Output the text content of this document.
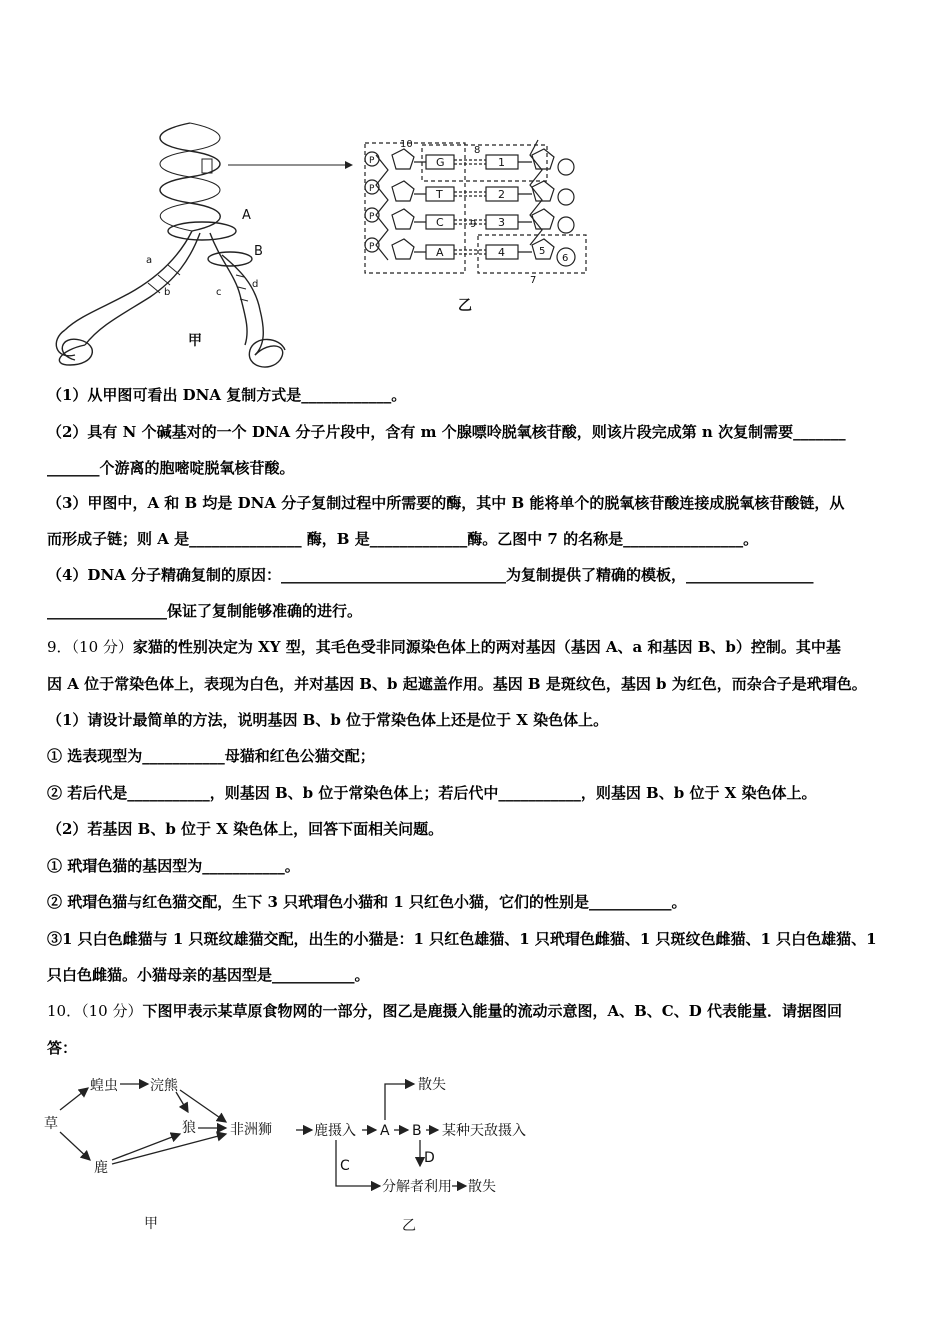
甲
乙
A
B
a
b	c
d
10
8
9
7
G
T
C
A
1
2
3
4	5
6
P
P
P
P
（1）从甲图可看出 DNA 复制方式是____________。
（2）具有 N 个碱基对的一个 DNA 分子片段中，含有 m 个腺嘌呤脱氧核苷酸，则该片段完成第 n 次复制需要_______
_______个游离的胞嘧啶脱氧核苷酸。
（3）甲图中，A 和 B 均是 DNA 分子复制过程中所需要的酶，其中 B 能将单个的脱氧核苷酸连接成脱氧核苷酸链，从
而形成子链；则 A 是_______________ 酶，B 是_____________酶。乙图中 7 的名称是________________。
（4）DNA 分子精确复制的原因：______________________________为复制提供了精确的模板，_________________
________________保证了复制能够准确的进行。
9．（10 分）家猫的性别决定为 XY 型，其毛色受非同源染色体上的两对基因（基因 A、a 和基因 B、b）控制。其中基
因 A 位于常染色体上，表现为白色，并对基因 B、b 起遮盖作用。基因 B 是斑纹色，基因 b 为红色，而杂合子是玳瑁色。
（1）请设计最简单的方法，说明基因 B、b 位于常染色体上还是位于 X 染色体上。
① 选表现型为___________母猫和红色公猫交配；
② 若后代是___________，则基因 B、b 位于常染色体上；若后代中___________，则基因 B、b 位于 X 染色体上。
（2）若基因 B、b 位于 X 染色体上，回答下面相关问题。
① 玳瑁色猫的基因型为___________。
② 玳瑁色猫与红色猫交配，生下 3 只玳瑁色小猫和 1 只红色小猫，它们的性别是___________。
③1 只白色雌猫与 1 只斑纹雄猫交配，出生的小猫是：1 只红色雄猫、1 只玳瑁色雌猫、1 只斑纹色雌猫、1 只白色雄猫、1
只白色雌猫。小猫母亲的基因型是___________。
10．（10 分）下图甲表示某草原食物网的一部分，图乙是鹿摄入能量的流动示意图，A、B、C、D 代表能量．请据图回
答：
草
蝗虫 浣熊
狼 非洲狮
鹿
鹿摄入 A B
C	D
散失
某种天敌摄入
分解者利用 散失
甲	乙
